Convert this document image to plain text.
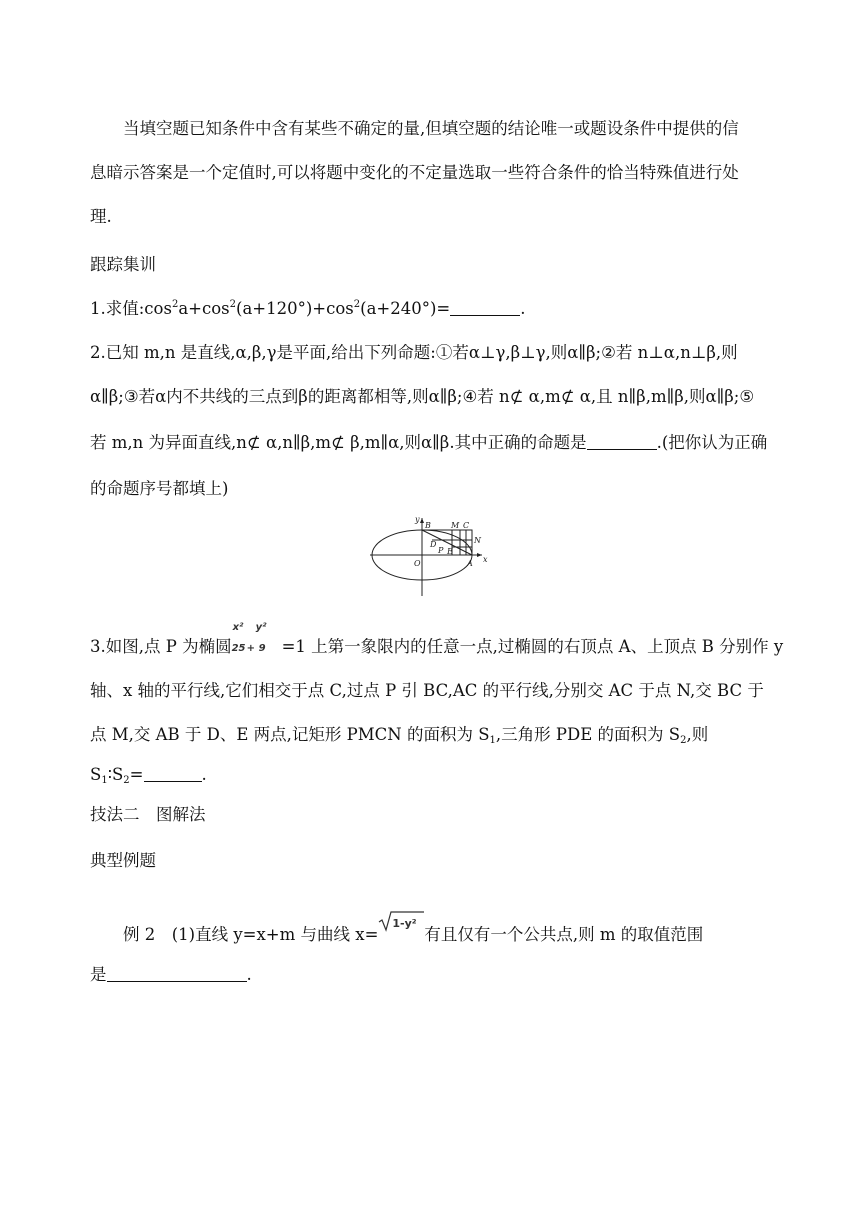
当填空题已知条件中含有某些不确定的量,但填空题的结论唯一或题设条件中提供的信
息暗示答案是一个定值时,可以将题中变化的不定量选取一些符合条件的恰当特殊值进行处
理.
跟踪集训
1.求值$:\cos^2a+\cos^2(a+120^\circ)+\cos^2(a+240^\circ)=$	.
2.已知 m,n 是直线,α,β,γ是平面,给出下列命题:①若α⊥γ,β⊥γ,则α∥β;②若 n⊥α,n⊥β,则
α∥β;③若α内不共线的三点到β的距离都相等,则α∥β;④若 n⊄ α,m⊄ α,且 n∥β,m∥β,则α∥β;⑤
若 m,n 为异面直线,n⊄ α,n∥β,m⊄ β,m∥α,则α∥β.其中正确的命题是	.(把你认为正确
的命题序号都填上)
y
x
O	A
B	M C
N
D
P E
3.如图,点 P 为椭圆
x²
25 +
y²
9 =1 上第一象限内的任意一点,过椭圆的右顶点 A、上顶点 B 分别作 y
轴、x 轴的平行线,它们相交于点 C,过点 P 引 BC,AC 的平行线,分别交 AC 于点 N,交 BC 于
点 M,交 AB 于 D、E 两点,记矩形 PMCN 的面积为 $S_1$,三角形 PDE 的面积为 $S_2$,则
$S_1∶S_2=$	.
技法二　图解法
典型例题
例 2　(1)直线 y=x+m 与曲线 x=
1-y²
有且仅有一个公共点,则 m 的取值范围
是	.
